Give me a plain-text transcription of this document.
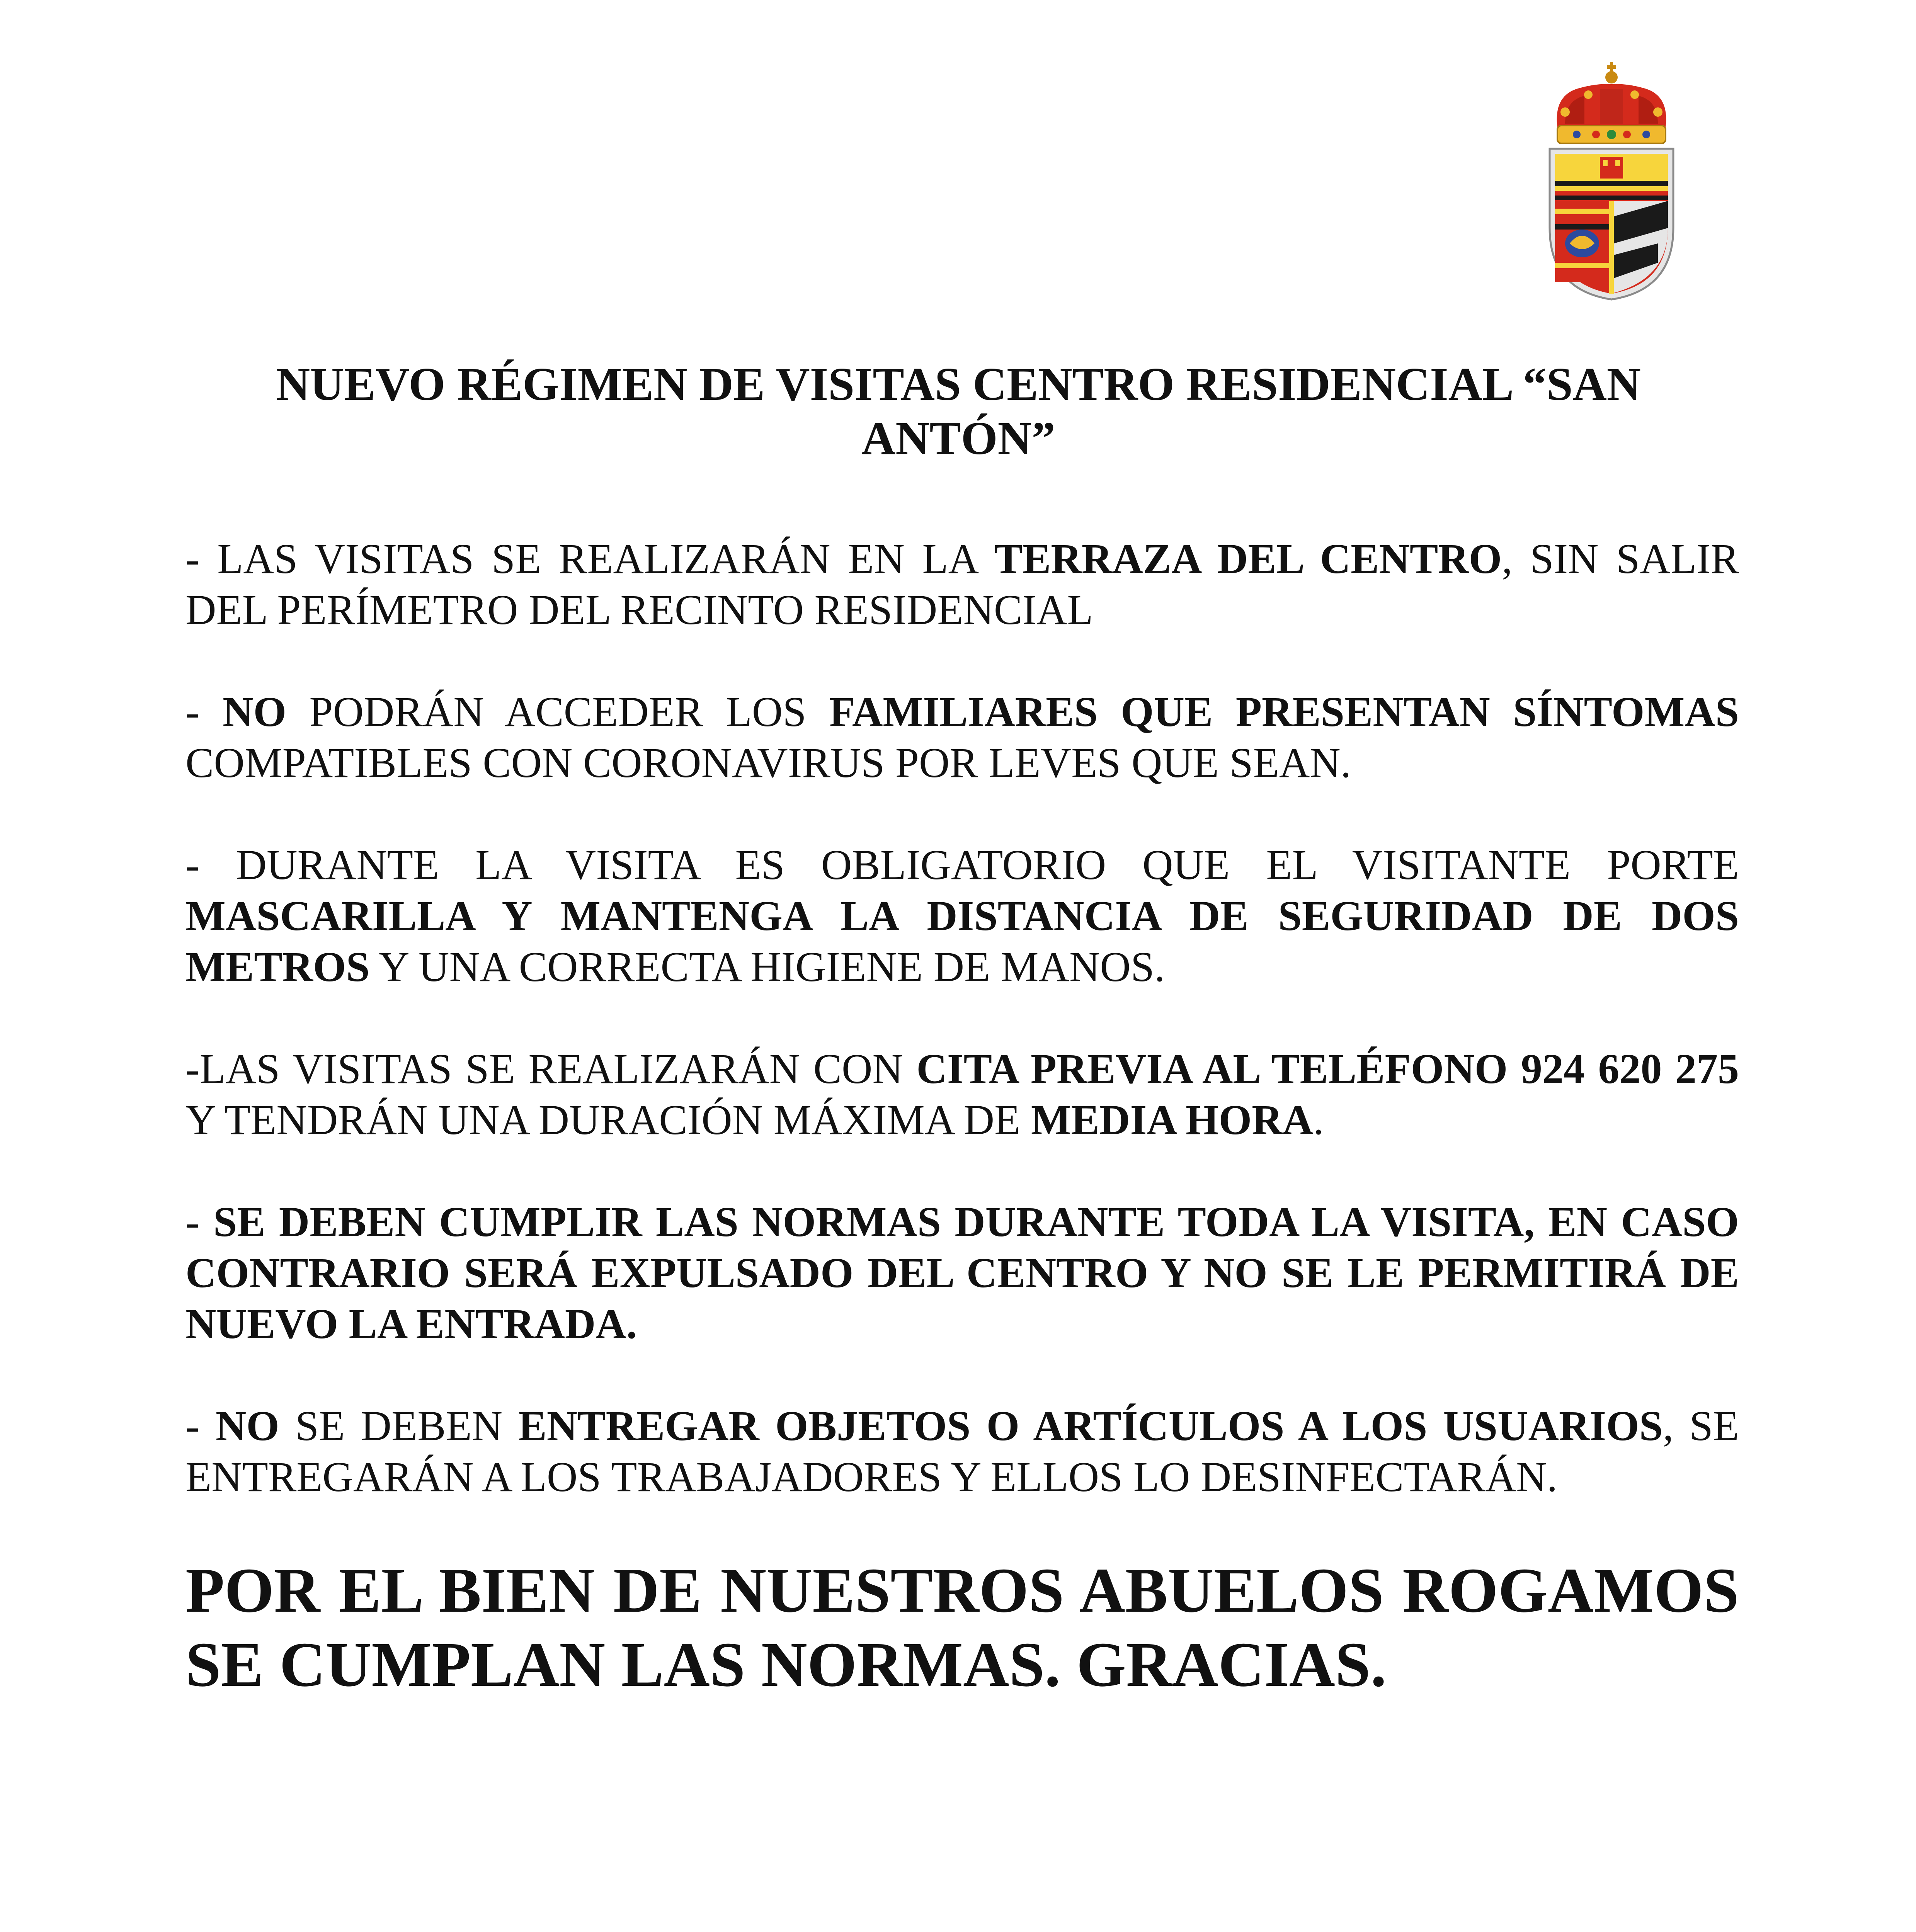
NUEVO RÉGIMEN DE VISITAS CENTRO RESIDENCIAL “SAN ANTÓN”

- LAS VISITAS SE REALIZARÁN EN LA TERRAZA DEL CENTRO, SIN SALIR DEL PERÍMETRO DEL RECINTO RESIDENCIAL

- NO PODRÁN ACCEDER LOS FAMILIARES QUE PRESENTAN SÍNTOMAS COMPATIBLES CON CORONAVIRUS POR LEVES QUE SEAN.

- DURANTE LA VISITA ES OBLIGATORIO QUE EL VISITANTE PORTE MASCARILLA Y MANTENGA LA DISTANCIA DE SEGURIDAD DE DOS METROS Y UNA CORRECTA HIGIENE DE MANOS.

-LAS VISITAS SE REALIZARÁN CON CITA PREVIA AL TELÉFONO 924 620 275 Y TENDRÁN UNA DURACIÓN MÁXIMA DE MEDIA HORA.

- SE DEBEN CUMPLIR LAS NORMAS DURANTE TODA LA VISITA, EN CASO CONTRARIO SERÁ EXPULSADO DEL CENTRO Y NO SE LE PERMITIRÁ DE NUEVO LA ENTRADA.

- NO SE DEBEN ENTREGAR OBJETOS O ARTÍCULOS A LOS USUARIOS, SE ENTREGARÁN A LOS TRABAJADORES Y ELLOS LO DESINFECTARÁN.

POR EL BIEN DE NUESTROS ABUELOS ROGAMOS SE CUMPLAN LAS NORMAS. GRACIAS.
